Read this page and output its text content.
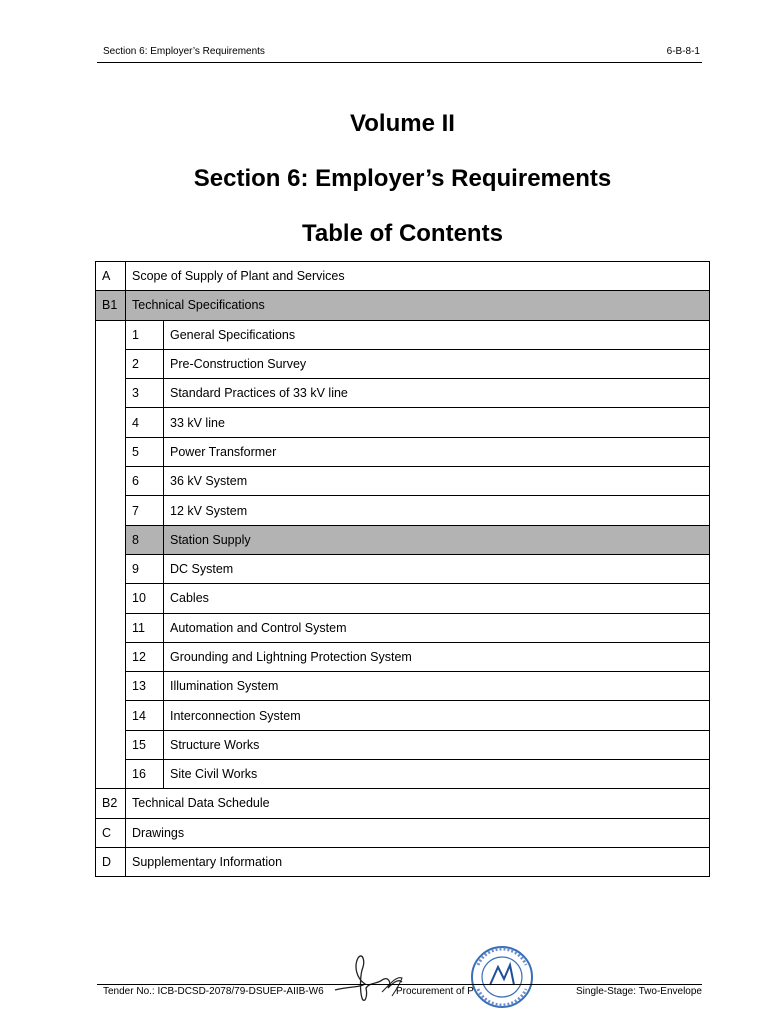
Section 6: Employer’s Requirements	6-B-8-1
Volume II
Section 6: Employer’s Requirements
Table of Contents
A	Scope of Supply of Plant and Services	
B1	Technical Specifications	
	1	General Specifications
	2	Pre-Construction Survey
	3	Standard Practices of 33 kV line
	4	33 kV line
	5	Power Transformer
	6	36 kV System
	7	12 kV System
	8	Station Supply
	9	DC System
	10	Cables
	11	Automation and Control System
	12	Grounding and Lightning Protection System
	13	Illumination System
	14	Interconnection System
	15	Structure Works
	16	Site Civil Works
B2	Technical Data Schedule	
C	Drawings	
D	Supplementary Information	
Tender No.: ICB-DCSD-2078/79-DSUEP-AIIB-W6	Procurement of P	Single-Stage: Two-Envelope
